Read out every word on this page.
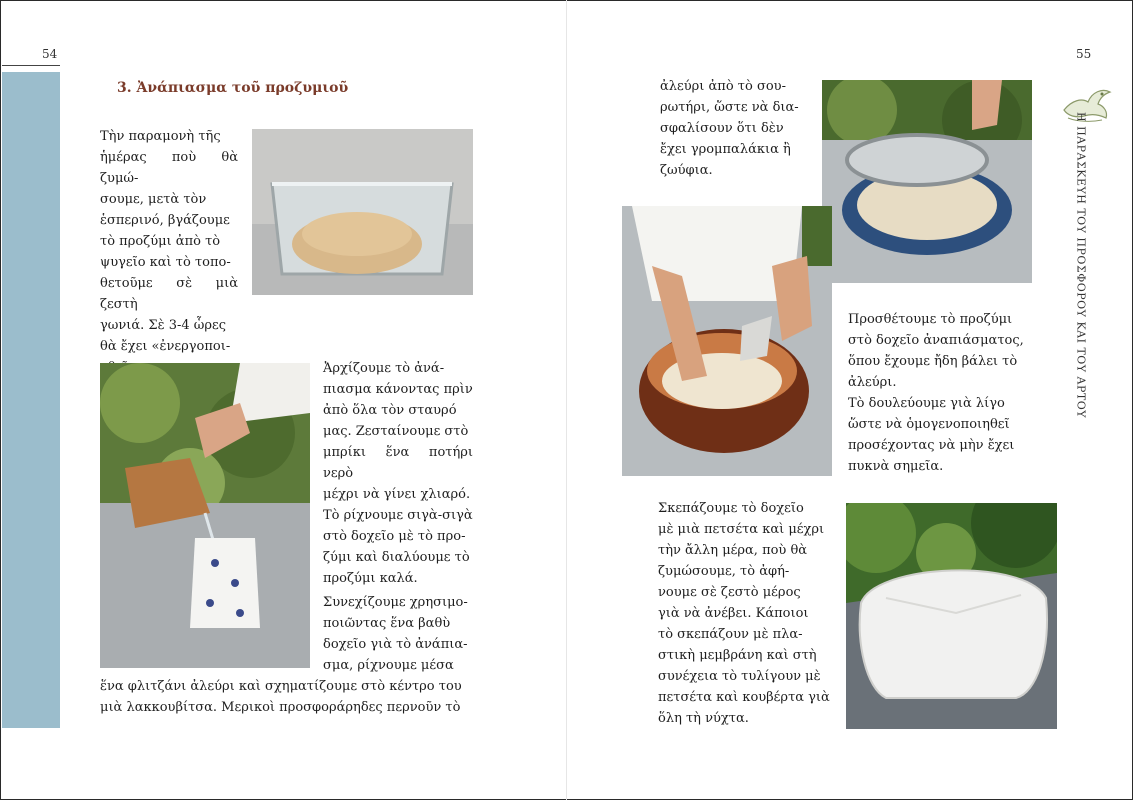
54
3. Ἀνάπιασμα τοῦ προζυμιοῦ
Τὴν παραμονὴ τῆς
ἡμέρας ποὺ θὰ ζυμώ-
σουμε, μετὰ τὸν
ἑσπερινό, βγάζουμε
τὸ προζύμι ἀπὸ τὸ
ψυγεῖο καὶ τὸ τοπο-
θετοῦμε σὲ μιὰ ζεστὴ
γωνιά. Σὲ 3-4 ὧρες
θὰ ἔχει «ἐνεργοποι-
Ἀρχίζουμε τὸ ἀνά-
πιασμα κάνοντας πρὶν
ἀπὸ ὅλα τὸν σταυρό
μας. Ζεσταίνουμε στὸ
μπρίκι ἕνα ποτήρι νερὸ
μέχρι νὰ γίνει χλιαρό.
Τὸ ρίχνουμε σιγὰ-σιγὰ
στὸ δοχεῖο μὲ τὸ προ-
ζύμι καὶ διαλύουμε τὸ
προζύμι καλά.
Συνεχίζουμε χρησιμο-
ποιῶντας ἕνα βαθὺ
δοχεῖο γιὰ τὸ ἀνάπια-
σμα, ρίχνουμε μέσα
ἕνα φλιτζάνι ἀλεύρι καὶ σχηματίζουμε στὸ κέντρο του
μιὰ λακκουβίτσα. Μερικοὶ προσφοράρηδες περνοῦν τὸ
55
Η ΠΑΡΑΣΚΕΥΗ ΤΟΥ ΠΡΟΣΦΟΡΟΥ ΚΑΙ ΤΟΥ ΑΡΤΟΥ
ἀλεύρι ἀπὸ τὸ σου-
ρωτήρι, ὥστε νὰ δια-
σφαλίσουν ὅτι δὲν
ἔχει γρομπαλάκια ἢ
ζωύφια.
Προσθέτουμε τὸ προζύμι
στὸ δοχεῖο ἀναπιάσματος,
ὅπου ἔχουμε ἤδη βάλει τὸ
ἀλεύρι.
Τὸ δουλεύουμε γιὰ λίγο
ὥστε νὰ ὁμογενοποιηθεῖ
προσέχοντας νὰ μὴν ἔχει
πυκνὰ σημεῖα.
Σκεπάζουμε τὸ δοχεῖο
μὲ μιὰ πετσέτα καὶ μέχρι
τὴν ἄλλη μέρα, ποὺ θὰ
ζυμώσουμε, τὸ ἀφή-
νουμε σὲ ζεστὸ μέρος
γιὰ νὰ ἀνέβει. Κάποιοι
τὸ σκεπάζουν μὲ πλα-
στικὴ μεμβράνη καὶ στὴ
συνέχεια τὸ τυλίγουν μὲ
πετσέτα καὶ κουβέρτα γιὰ
ὅλη τὴ νύχτα.
